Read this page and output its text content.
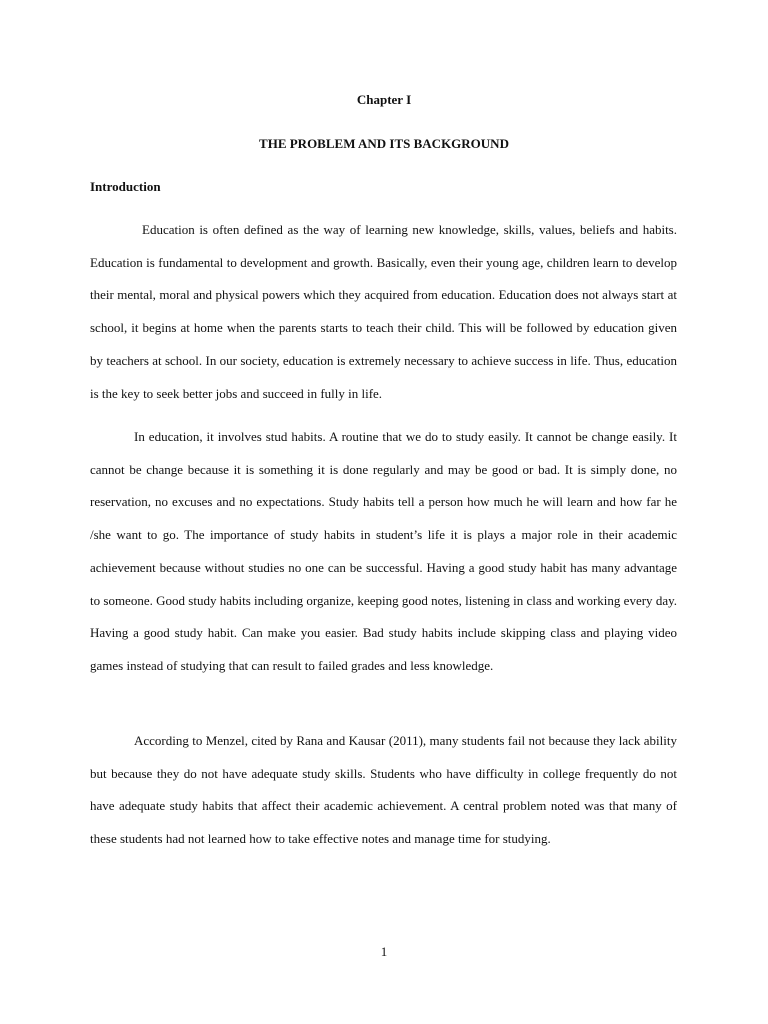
Chapter I
THE PROBLEM AND ITS BACKGROUND
Introduction

Education is often defined as the way of learning new knowledge, skills, values, beliefs and habits. Education is fundamental to development and growth. Basically, even their young age, children learn to develop their mental, moral and physical powers which they acquired from education. Education does not always start at school, it begins at home when the parents starts to teach their child. This will be followed by education given by teachers at school. In our society, education is extremely necessary to achieve success in life. Thus, education is the key to seek better jobs and succeed in fully in life.

In education, it involves stud habits. A routine that we do to study easily. It cannot be change easily. It cannot be change because it is something it is done regularly and may be good or bad. It is simply done, no reservation, no excuses and no expectations. Study habits tell a person how much he will learn and how far he /she want to go. The importance of study habits in student’s life it is plays a major role in their academic achievement because without studies no one can be successful. Having a good study habit has many advantage to someone. Good study habits including organize, keeping good notes, listening in class and working every day. Having a good study habit. Can make you easier. Bad study habits include skipping class and playing video games instead of studying that can result to failed grades and less knowledge.

According to Menzel, cited by Rana and Kausar (2011), many students fail not because they lack ability but because they do not have adequate study skills. Students who have difficulty in college frequently do not have adequate study habits that affect their academic achievement. A central problem noted was that many of these students had not learned how to take effective notes and manage time for studying.

1
